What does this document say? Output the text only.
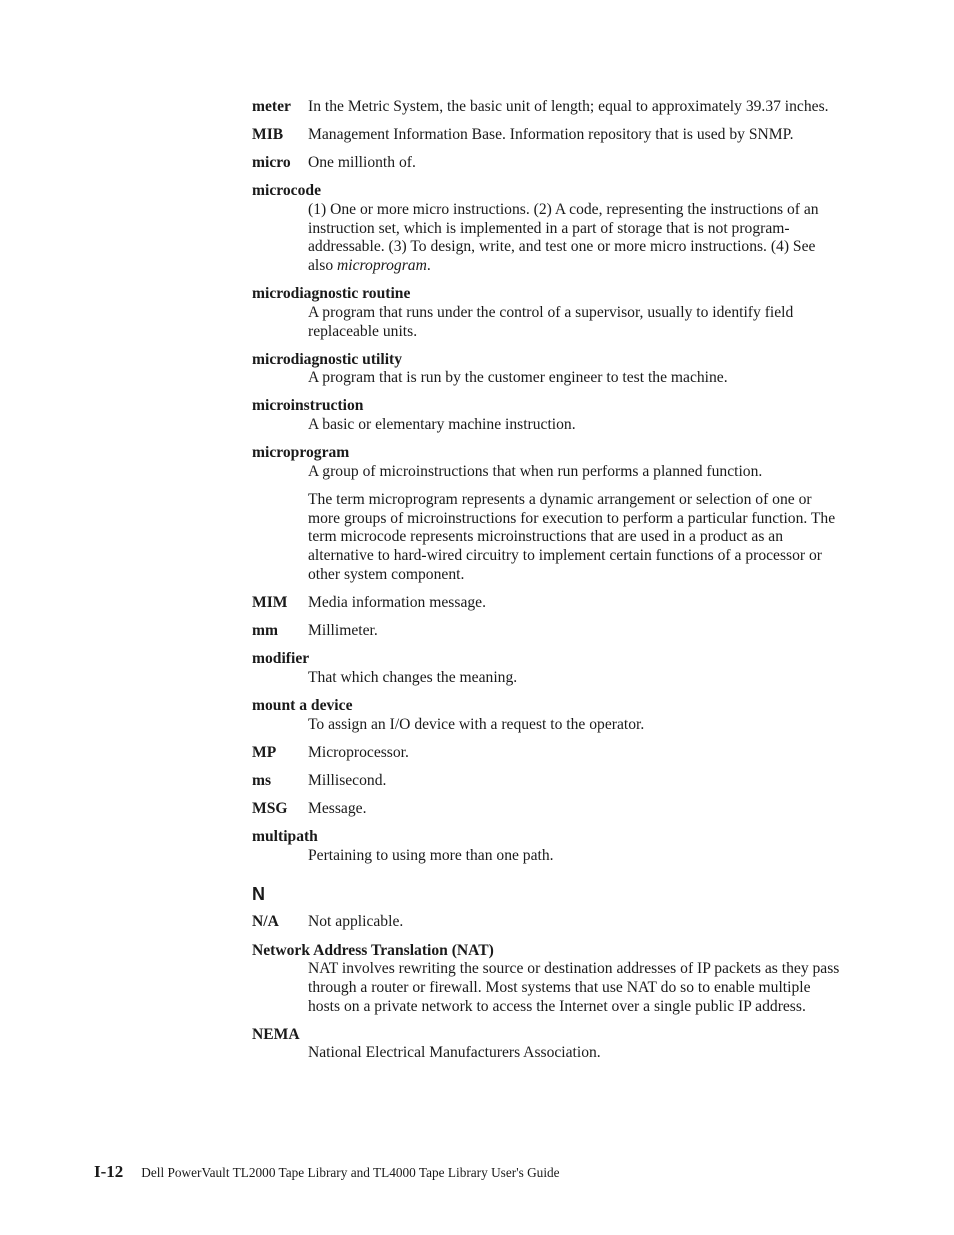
meter In the Metric System, the basic unit of length; equal to approximately 39.37 inches.

MIB Management Information Base. Information repository that is used by SNMP.

micro One millionth of.

microcode

(1) One or more micro instructions. (2) A code, representing the instructions of an instruction set, which is implemented in a part of storage that is not program-addressable. (3) To design, write, and test one or more micro instructions. (4) See also microprogram.

microdiagnostic routine

A program that runs under the control of a supervisor, usually to identify field replaceable units.

microdiagnostic utility

A program that is run by the customer engineer to test the machine.

microinstruction

A basic or elementary machine instruction.

microprogram

A group of microinstructions that when run performs a planned function.

The term microprogram represents a dynamic arrangement or selection of one or more groups of microinstructions for execution to perform a particular function. The term microcode represents microinstructions that are used in a product as an alternative to hard-wired circuitry to implement certain functions of a processor or other system component.

MIM Media information message.

mm Millimeter.

modifier

That which changes the meaning.

mount a device

To assign an I/O device with a request to the operator.

MP Microprocessor.

ms Millisecond.

MSG Message.

multipath

Pertaining to using more than one path.

N
N/A Not applicable.

Network Address Translation (NAT)

NAT involves rewriting the source or destination addresses of IP packets as they pass through a router or firewall. Most systems that use NAT do so to enable multiple hosts on a private network to access the Internet over a single public IP address.

NEMA

National Electrical Manufacturers Association.

I-12 Dell PowerVault TL2000 Tape Library and TL4000 Tape Library User's Guide
